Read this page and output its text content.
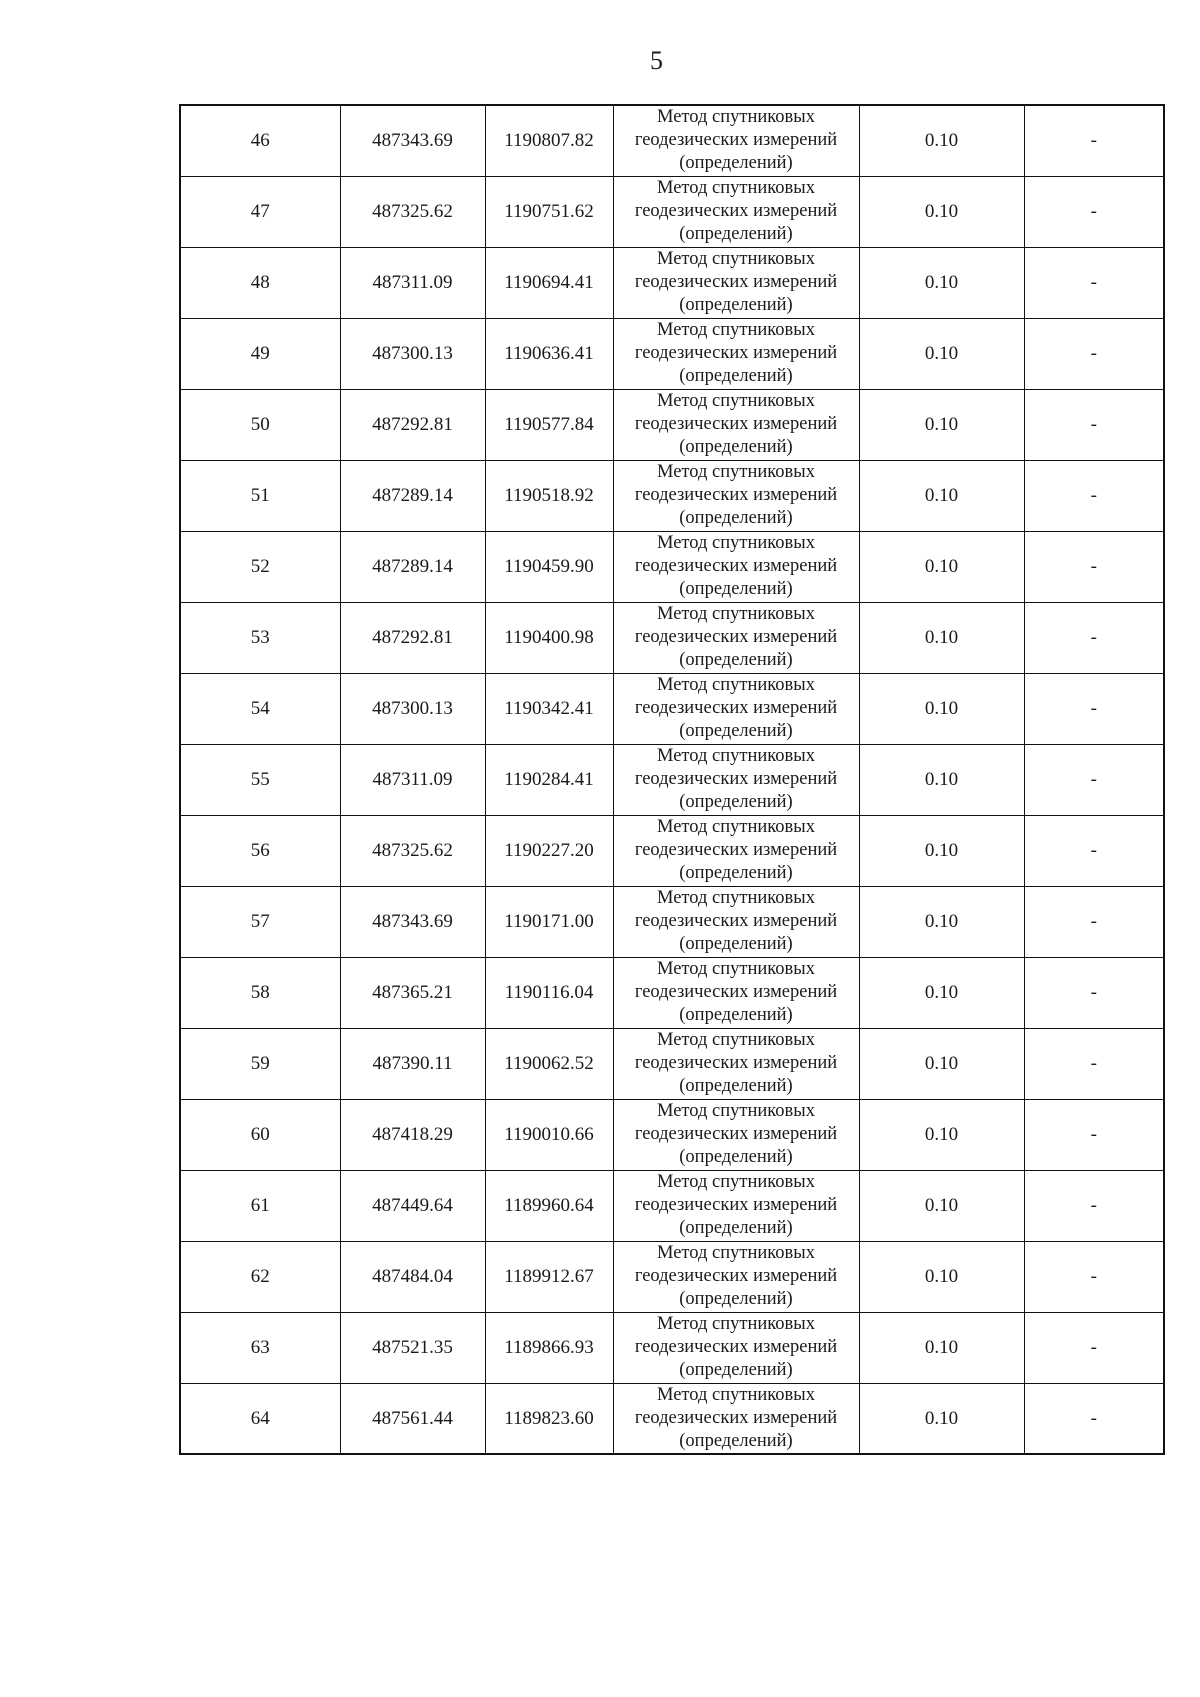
5
46	487343.69	1190807.82	Метод спутниковых геодезических измерений (определений)	0.10	-
47	487325.62	1190751.62	Метод спутниковых геодезических измерений (определений)	0.10	-
48	487311.09	1190694.41	Метод спутниковых геодезических измерений (определений)	0.10	-
49	487300.13	1190636.41	Метод спутниковых геодезических измерений (определений)	0.10	-
50	487292.81	1190577.84	Метод спутниковых геодезических измерений (определений)	0.10	-
51	487289.14	1190518.92	Метод спутниковых геодезических измерений (определений)	0.10	-
52	487289.14	1190459.90	Метод спутниковых геодезических измерений (определений)	0.10	-
53	487292.81	1190400.98	Метод спутниковых геодезических измерений (определений)	0.10	-
54	487300.13	1190342.41	Метод спутниковых геодезических измерений (определений)	0.10	-
55	487311.09	1190284.41	Метод спутниковых геодезических измерений (определений)	0.10	-
56	487325.62	1190227.20	Метод спутниковых геодезических измерений (определений)	0.10	-
57	487343.69	1190171.00	Метод спутниковых геодезических измерений (определений)	0.10	-
58	487365.21	1190116.04	Метод спутниковых геодезических измерений (определений)	0.10	-
59	487390.11	1190062.52	Метод спутниковых геодезических измерений (определений)	0.10	-
60	487418.29	1190010.66	Метод спутниковых геодезических измерений (определений)	0.10	-
61	487449.64	1189960.64	Метод спутниковых геодезических измерений (определений)	0.10	-
62	487484.04	1189912.67	Метод спутниковых геодезических измерений (определений)	0.10	-
63	487521.35	1189866.93	Метод спутниковых геодезических измерений (определений)	0.10	-
64	487561.44	1189823.60	Метод спутниковых геодезических измерений (определений)	0.10	-
